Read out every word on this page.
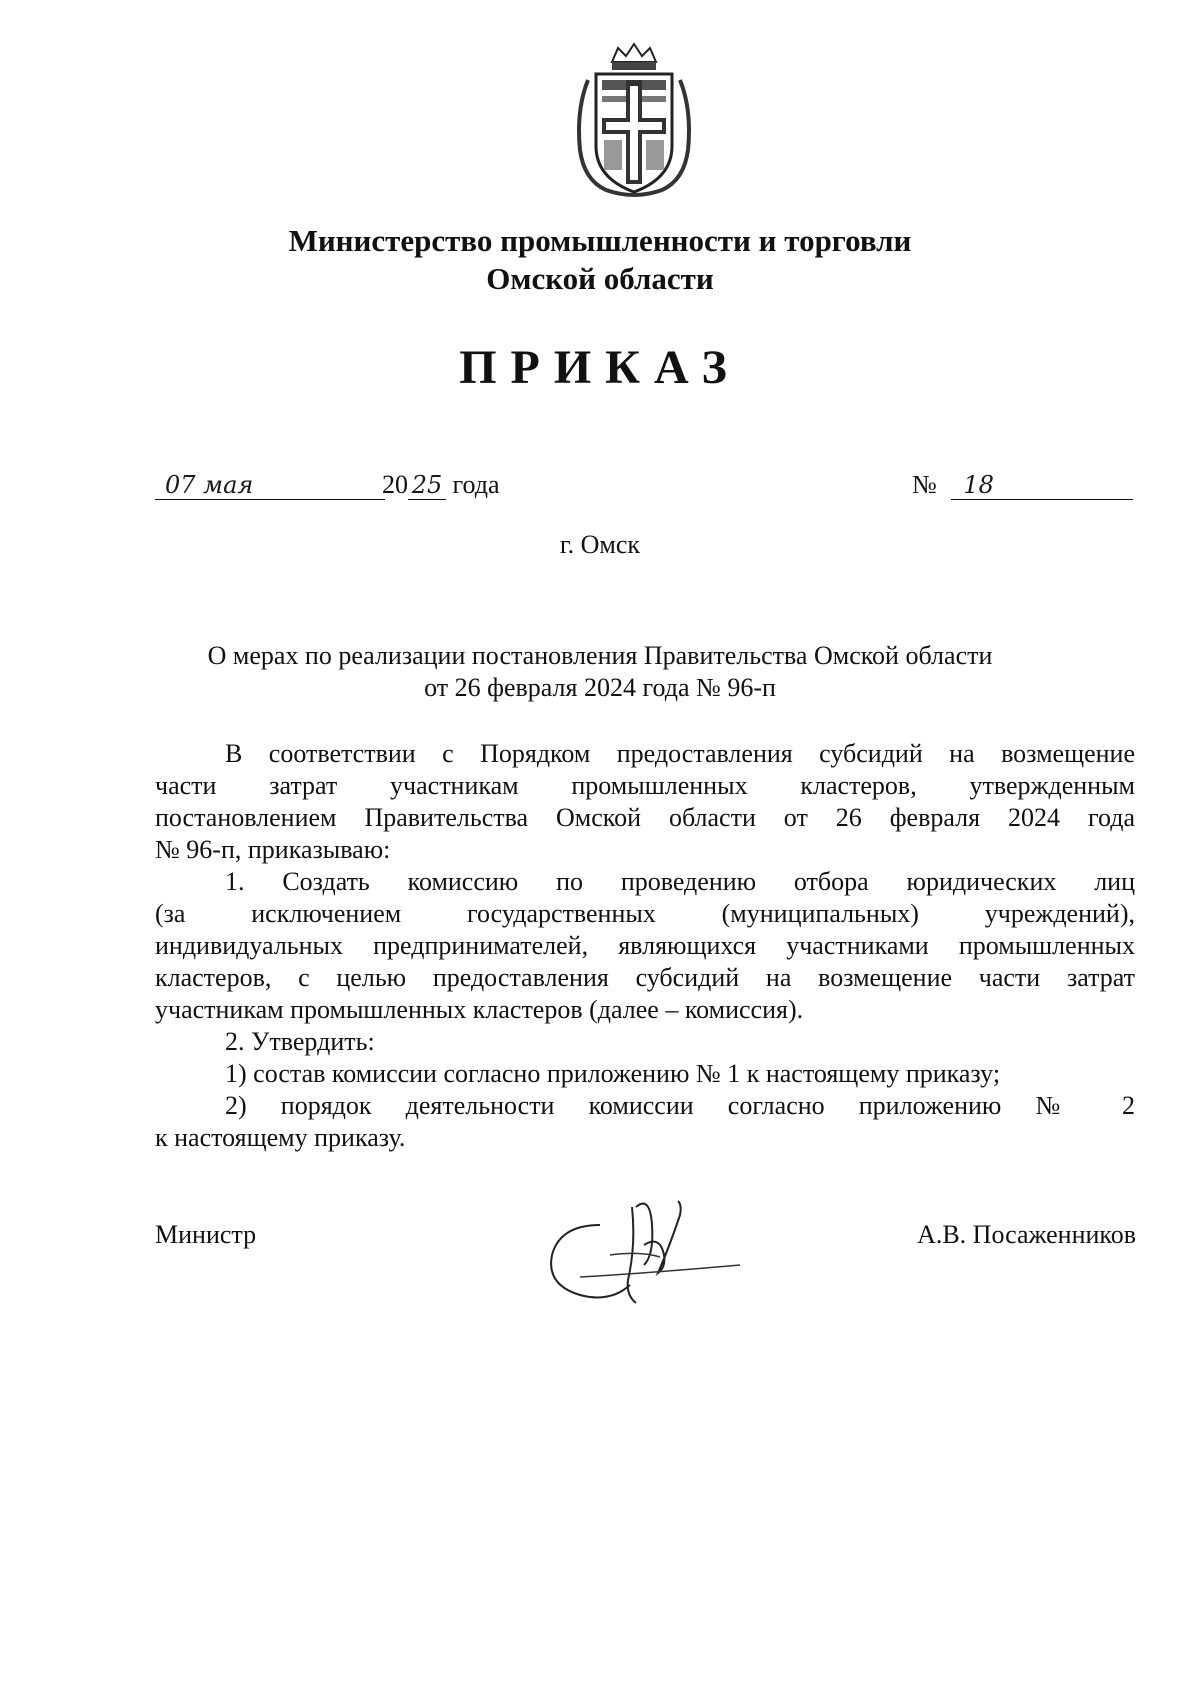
Министерство промышленности и торговли
Омской области
ПРИКАЗ
07 мая	20 25 года	№ 18
г. Омск
О мерах по реализации постановления Правительства Омской области
от 26 февраля 2024 года № 96-п
В соответствии с Порядком предоставления субсидий на возмещение
части затрат участникам промышленных кластеров, утвержденным
постановлением Правительства Омской области от 26 февраля 2024 года
№ 96-п, приказываю:
1. Создать комиссию по проведению отбора юридических лиц
(за исключением государственных (муниципальных) учреждений),
индивидуальных предпринимателей, являющихся участниками промышленных
кластеров, с целью предоставления субсидий на возмещение части затрат
участникам промышленных кластеров (далее – комиссия).
2. Утвердить:
1) состав комиссии согласно приложению № 1 к настоящему приказу;
2) порядок деятельности комиссии согласно приложению № 2
к настоящему приказу.
Министр	А.В. Посаженников
